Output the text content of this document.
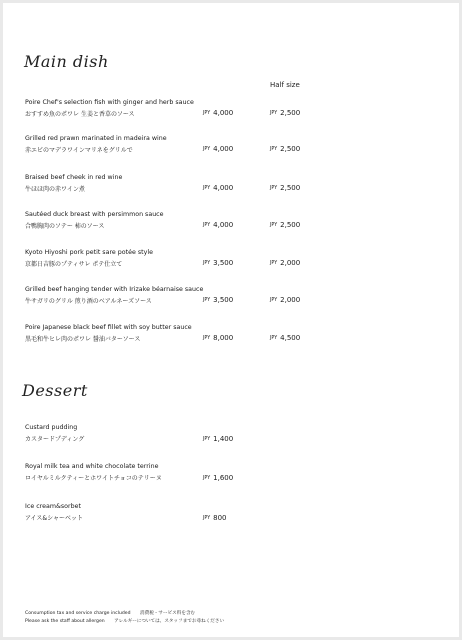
Main dish
Half size
Poire Chef's selection fish with ginger and herb sauce
おすすめ魚のポワレ 生姜と香草のソース	JPY 4,000	JPY 2,500
Grilled red prawn marinated in madeira wine
赤エビのマデラワインマリネをグリルで	JPY 4,000	JPY 2,500
Braised beef cheek in red wine
牛ほほ肉の赤ワイン煮	JPY 4,000	JPY 2,500
Sautéed duck breast with persimmon sauce
合鴨胸肉のソテー 柿のソース	JPY 4,000	JPY 2,500
Kyoto Hiyoshi pork petit sare potée style
京都日吉豚のプティサレ ポテ仕立て	JPY 3,500	JPY 2,000
Grilled beef hanging tender with Irizake béarnaise sauce
牛サガリのグリル 煎り酒のベアルネーズソース	JPY 3,500	JPY 2,000
Poire Japanese black beef fillet with soy butter sauce
黒毛和牛ヒレ肉のポワレ 醤油バターソース	JPY 8,000	JPY 4,500
Dessert
Custard pudding
カスタードプディング	JPY 1,400
Royal milk tea and white chocolate terrine
ロイヤルミルクティーとホワイトチョコのテリーヌ	JPY 1,600
Ice cream&sorbet
アイス&シャーベット	JPY 800
Consumption tax and service charge included 消費税・サービス料を含む
Please ask the staff about allergen アレルギーについては、スタッフまでお尋ねください
